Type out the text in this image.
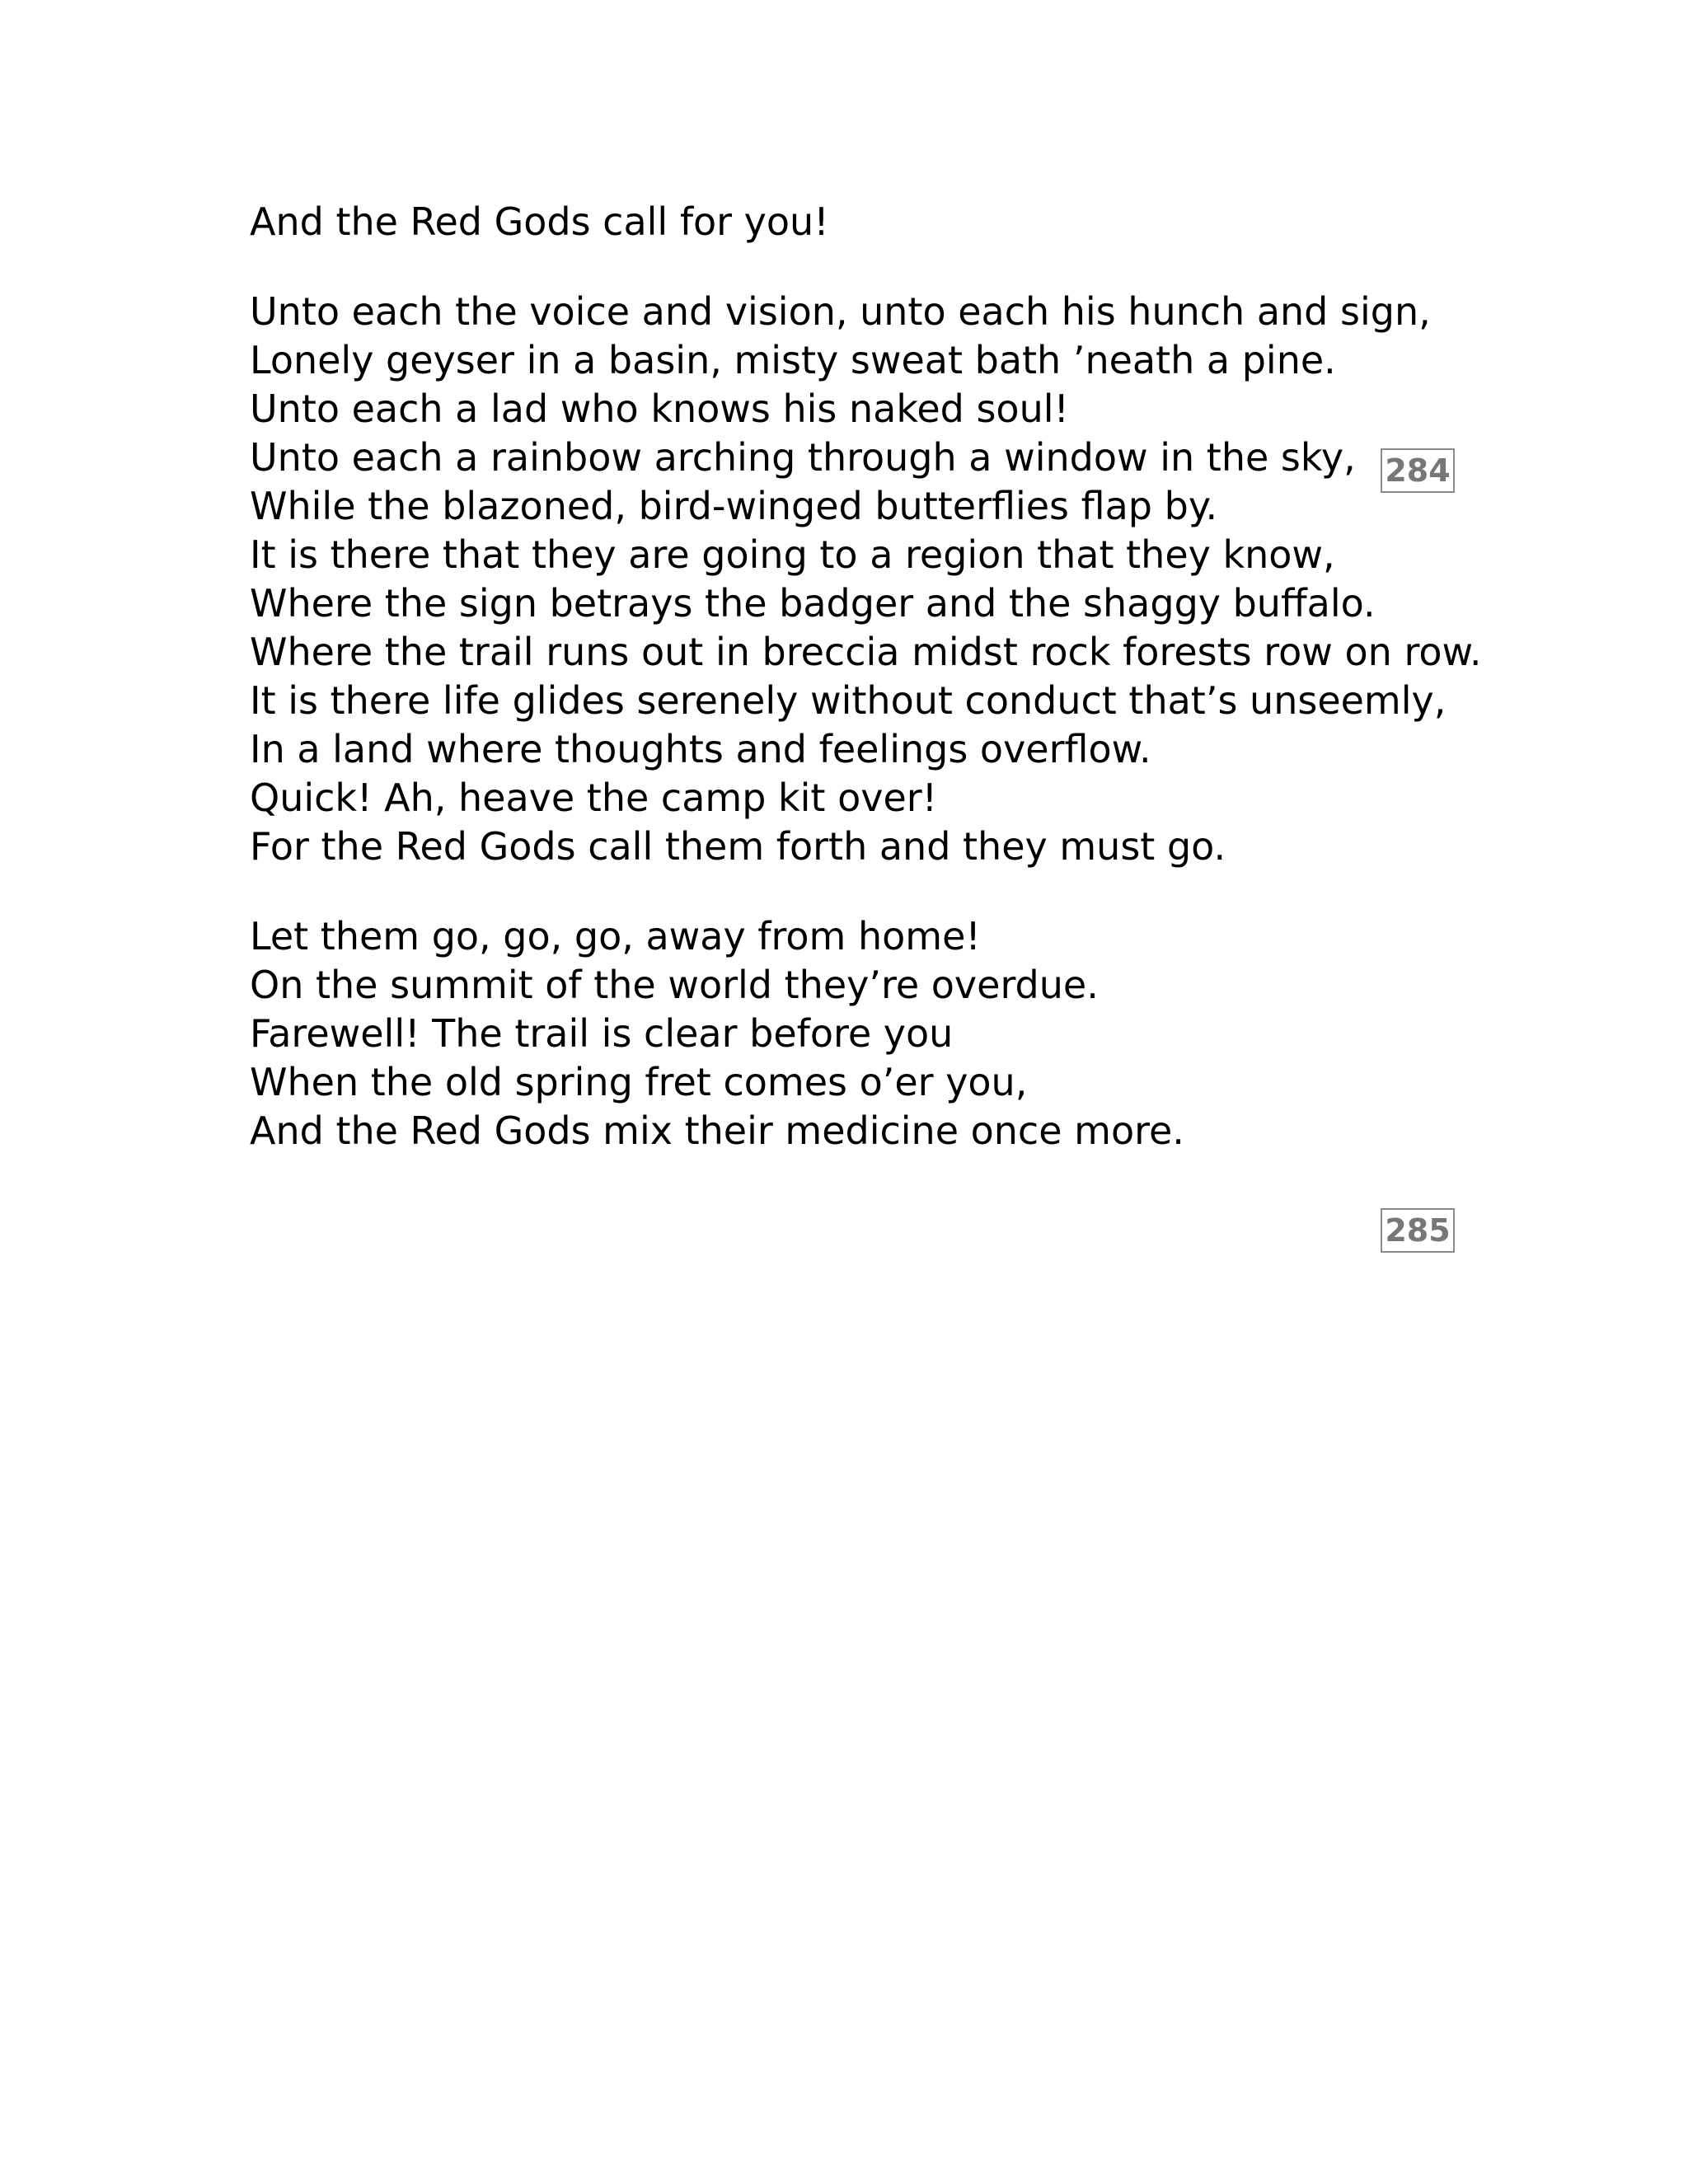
And the Red Gods call for you!
Unto each the voice and vision, unto each his hunch and sign,
Lonely geyser in a basin, misty sweat bath ’neath a pine.
Unto each a lad who knows his naked soul!
Unto each a rainbow arching through a window in the sky,
While the blazoned, bird-winged butterflies flap by.
It is there that they are going to a region that they know,
Where the sign betrays the badger and the shaggy buffalo.
Where the trail runs out in breccia midst rock forests row on row.
It is there life glides serenely without conduct that’s unseemly,
In a land where thoughts and feelings overflow.
Quick! Ah, heave the camp kit over!
For the Red Gods call them forth and they must go.
Let them go, go, go, away from home!
On the summit of the world they’re overdue.
Farewell! The trail is clear before you
When the old spring fret comes o’er you,
And the Red Gods mix their medicine once more.
284
285
